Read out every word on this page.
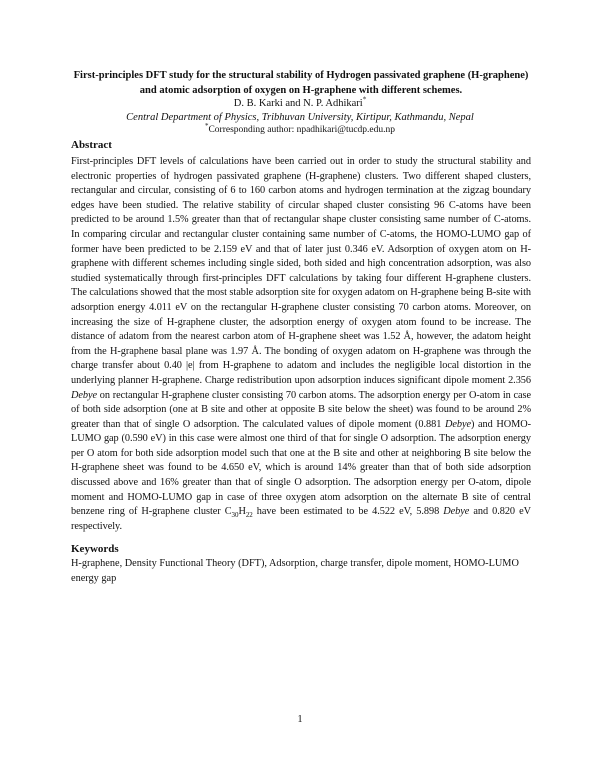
First-principles DFT study for the structural stability of Hydrogen passivated graphene (H-graphene) and atomic adsorption of oxygen on H-graphene with different schemes.
D. B. Karki and N. P. Adhikari*
Central Department of Physics, Tribhuvan University, Kirtipur, Kathmandu, Nepal
*Corresponding author: npadhikari@tucdp.edu.np
Abstract

First-principles DFT levels of calculations have been carried out in order to study the structural stability and electronic properties of hydrogen passivated graphene (H-graphene) clusters. Two different shaped clusters, rectangular and circular, consisting of 6 to 160 carbon atoms and hydrogen termination at the zigzag boundary edges have been studied. The relative stability of circular shaped cluster consisting 96 C-atoms have been predicted to be around 1.5% greater than that of rectangular shape cluster consisting same number of C-atoms. In comparing circular and rectangular cluster containing same number of C-atoms, the HOMO-LUMO gap of former have been predicted to be 2.159 eV and that of later just 0.346 eV. Adsorption of oxygen atom on H-graphene with different schemes including single sided, both sided and high concentration adsorption, was also studied systematically through first-principles DFT calculations by taking four different H-graphene clusters. The calculations showed that the most stable adsorption site for oxygen adatom on H-graphene being B-site with adsorption energy 4.011 eV on the rectangular H-graphene cluster consisting 70 carbon atoms. Moreover, on increasing the size of H-graphene cluster, the adsorption energy of oxygen atom found to be increase. The distance of adatom from the nearest carbon atom of H-graphene sheet was 1.52 Å, however, the adatom height from the H-graphene basal plane was 1.97 Å. The bonding of oxygen adatom on H-graphene was through the charge transfer about 0.40 |e| from H-graphene to adatom and includes the negligible local distortion in the underlying planner H-graphene. Charge redistribution upon adsorption induces significant dipole moment 2.356 Debye on rectangular H-graphene cluster consisting 70 carbon atoms. The adsorption energy per O-atom in case of both side adsorption (one at B site and other at opposite B site below the sheet) was found to be around 2% greater than that of single O adsorption. The calculated values of dipole moment (0.881 Debye) and HOMO-LUMO gap (0.590 eV) in this case were almost one third of that for single O adsorption. The adsorption energy per O atom for both side adsorption model such that one at the B site and other at neighboring B site below the H-graphene sheet was found to be 4.650 eV, which is around 14% greater than that of both side adsorption discussed above and 16% greater than that of single O adsorption. The adsorption energy per O-atom, dipole moment and HOMO-LUMO gap in case of three oxygen atom adsorption on the alternate B site of central benzene ring of H-graphene cluster $C_{30}H_{22}$ have been estimated to be 4.522 eV, 5.898 Debye and 0.820 eV respectively.

Keywords

H-graphene, Density Functional Theory (DFT), Adsorption, charge transfer, dipole moment, HOMO-LUMO energy gap

1
